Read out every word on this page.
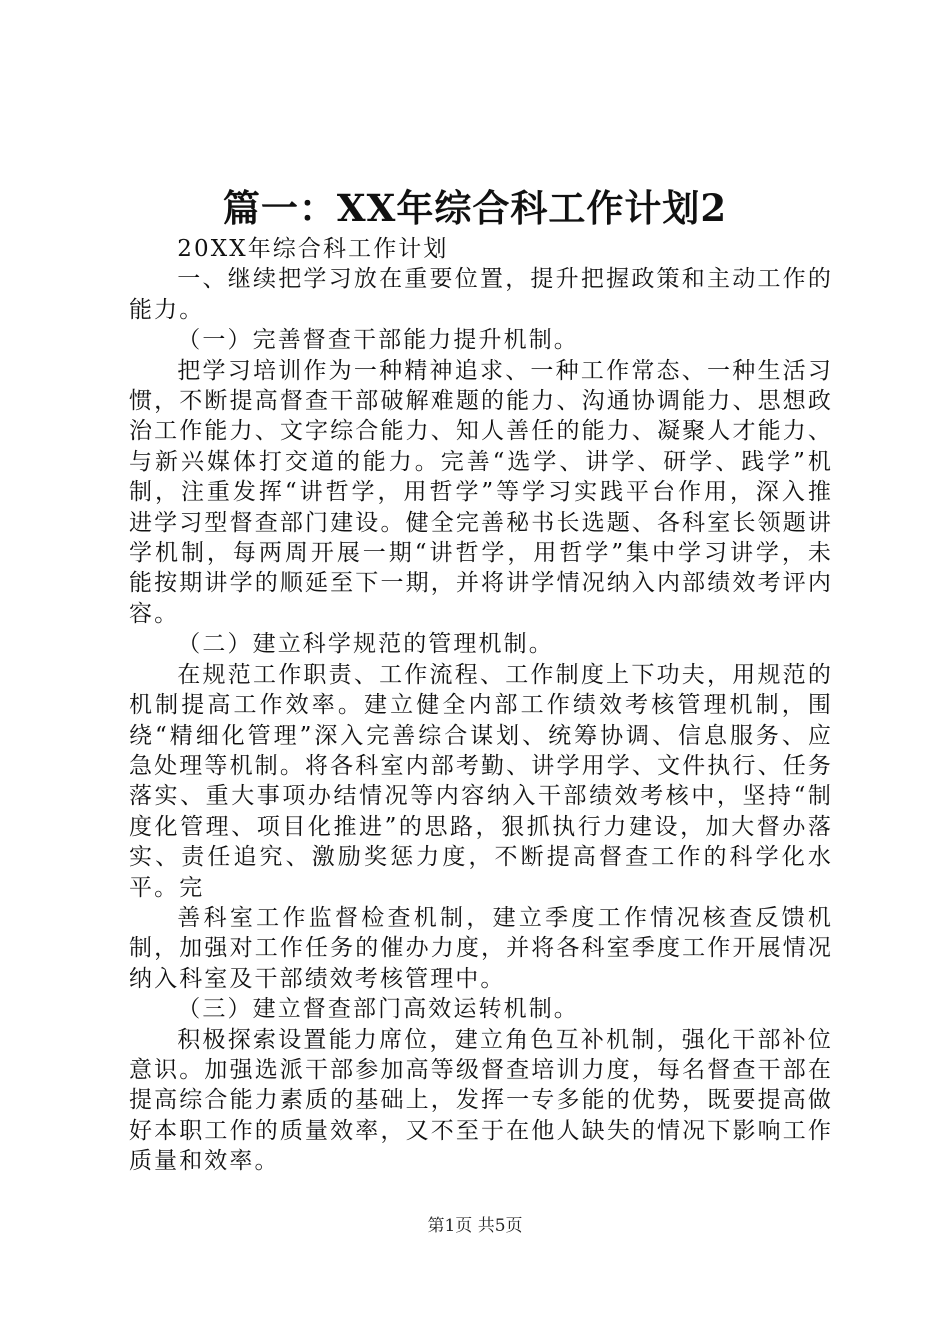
篇一：XX年综合科工作计划2

20XX年综合科工作计划

一、继续把学习放在重要位置，提升把握政策和主动工作的能力。

（一）完善督查干部能力提升机制。

把学习培训作为一种精神追求、一种工作常态、一种生活习惯，不断提高督查干部破解难题的能力、沟通协调能力、思想政治工作能力、文字综合能力、知人善任的能力、凝聚人才能力、与新兴媒体打交道的能力。完善“选学、讲学、研学、践学”机制，注重发挥“讲哲学，用哲学”等学习实践平台作用，深入推进学习型督查部门建设。健全完善秘书长选题、各科室长领题讲学机制，每两周开展一期“讲哲学，用哲学”集中学习讲学，未能按期讲学的顺延至下一期，并将讲学情况纳入内部绩效考评内容。

（二）建立科学规范的管理机制。

在规范工作职责、工作流程、工作制度上下功夫，用规范的机制提高工作效率。建立健全内部工作绩效考核管理机制，围绕“精细化管理”深入完善综合谋划、统筹协调、信息服务、应急处理等机制。将各科室内部考勤、讲学用学、文件执行、任务落实、重大事项办结情况等内容纳入干部绩效考核中，坚持“制度化管理、项目化推进”的思路，狠抓执行力建设，加大督办落实、责任追究、激励奖惩力度，不断提高督查工作的科学化水平。完

善科室工作监督检查机制，建立季度工作情况核查反馈机制，加强对工作任务的催办力度，并将各科室季度工作开展情况纳入科室及干部绩效考核管理中。

（三）建立督查部门高效运转机制。

积极探索设置能力席位，建立角色互补机制，强化干部补位意识。加强选派干部参加高等级督查培训力度，每名督查干部在提高综合能力素质的基础上，发挥一专多能的优势，既要提高做好本职工作的质量效率，又不至于在他人缺失的情况下影响工作质量和效率。

第1页 共5页
